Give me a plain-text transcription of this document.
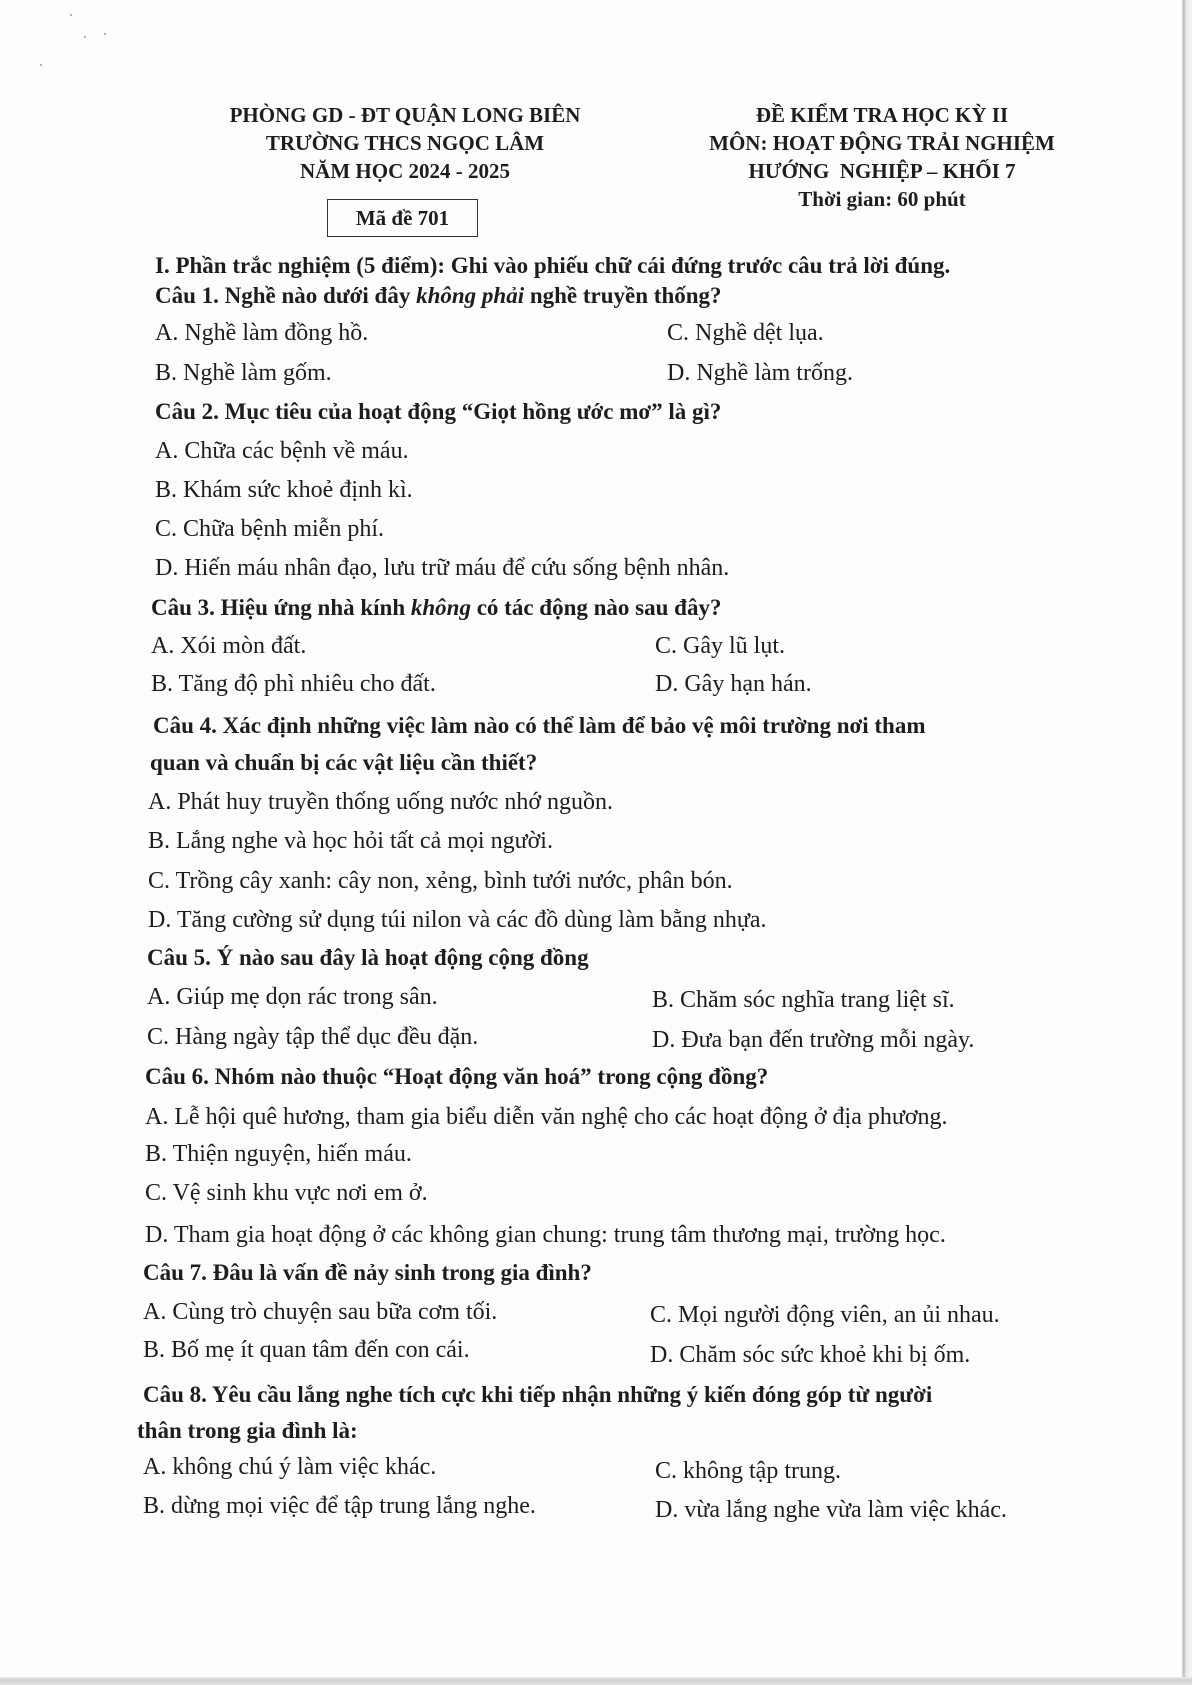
PHÒNG GD - ĐT QUẬN LONG BIÊN
TRƯỜNG THCS NGỌC LÂM
NĂM HỌC 2024 - 2025
Mã đề 701
ĐỀ KIỂM TRA HỌC KỲ II
MÔN: HOẠT ĐỘNG TRẢI NGHIỆM
HƯỚNG  NGHIỆP – KHỐI 7
Thời gian: 60 phút
I. Phần trắc nghiệm (5 điểm): Ghi vào phiếu chữ cái đứng trước câu trả lời đúng.
Câu 1. Nghề nào dưới đây không phải nghề truyền thống?
A. Nghề làm đồng hồ.	C. Nghề dệt lụa.
B. Nghề làm gốm.	D. Nghề làm trống.
Câu 2. Mục tiêu của hoạt động “Giọt hồng ước mơ” là gì?
A. Chữa các bệnh về máu.
B. Khám sức khoẻ định kì.
C. Chữa bệnh miễn phí.
D. Hiến máu nhân đạo, lưu trữ máu để cứu sống bệnh nhân.
Câu 3. Hiệu ứng nhà kính không có tác động nào sau đây?
A. Xói mòn đất.	C. Gây lũ lụt.
B. Tăng độ phì nhiêu cho đất.	D. Gây hạn hán.
Câu 4. Xác định những việc làm nào có thể làm để bảo vệ môi trường nơi tham
quan và chuẩn bị các vật liệu cần thiết?
A. Phát huy truyền thống uống nước nhớ nguồn.
B. Lắng nghe và học hỏi tất cả mọi người.
C. Trồng cây xanh: cây non, xẻng, bình tưới nước, phân bón.
D. Tăng cường sử dụng túi nilon và các đồ dùng làm bằng nhựa.
Câu 5. Ý nào sau đây là hoạt động cộng đồng
A. Giúp mẹ dọn rác trong sân.	B. Chăm sóc nghĩa trang liệt sĩ.
C. Hàng ngày tập thể dục đều đặn.	D. Đưa bạn đến trường mỗi ngày.
Câu 6. Nhóm nào thuộc “Hoạt động văn hoá” trong cộng đồng?
A. Lễ hội quê hương, tham gia biểu diễn văn nghệ cho các hoạt động ở địa phương.
B. Thiện nguyện, hiến máu.
C. Vệ sinh khu vực nơi em ở.
D. Tham gia hoạt động ở các không gian chung: trung tâm thương mại, trường học.
Câu 7. Đâu là vấn đề nảy sinh trong gia đình?
A. Cùng trò chuyện sau bữa cơm tối.	C. Mọi người động viên, an ủi nhau.
B. Bố mẹ ít quan tâm đến con cái.	D. Chăm sóc sức khoẻ khi bị ốm.
Câu 8. Yêu cầu lắng nghe tích cực khi tiếp nhận những ý kiến đóng góp từ người
thân trong gia đình là:
A. không chú ý làm việc khác.	C. không tập trung.
B. dừng mọi việc để tập trung lắng nghe.	D. vừa lắng nghe vừa làm việc khác.
